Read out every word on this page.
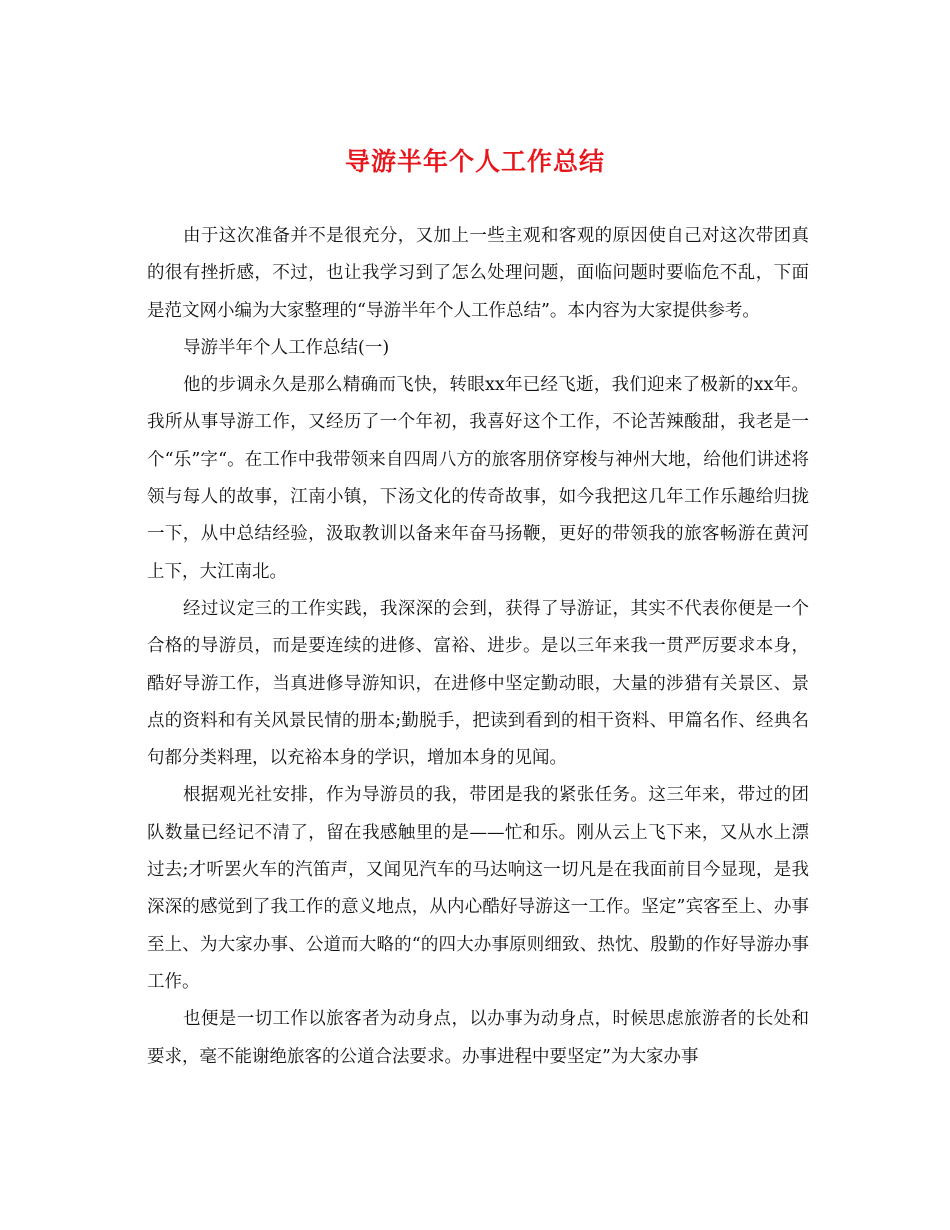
导游半年个人工作总结

由于这次准备并不是很充分，又加上一些主观和客观的原因使自己对这次带团真的很有挫折感，不过，也让我学习到了怎么处理问题，面临问题时要临危不乱，下面是范文网小编为大家整理的“导游半年个人工作总结”。本内容为大家提供参考。

导游半年个人工作总结(一)

他的步调永久是那么精确而飞快，转眼xx年已经飞逝，我们迎来了极新的xx年。我所从事导游工作，又经历了一个年初，我喜好这个工作，不论苦辣酸甜，我老是一个“乐”字“。在工作中我带领来自四周八方的旅客朋侪穿梭与神州大地，给他们讲述将领与每人的故事，江南小镇，下汤文化的传奇故事，如今我把这几年工作乐趣给归拢一下，从中总结经验，汲取教训以备来年奋马扬鞭，更好的带领我的旅客畅游在黄河上下，大江南北。

经过议定三的工作实践，我深深的会到，获得了导游证，其实不代表你便是一个合格的导游员，而是要连续的进修、富裕、进步。是以三年来我一贯严厉要求本身，酷好导游工作，当真进修导游知识，在进修中坚定勤动眼，大量的涉猎有关景区、景点的资料和有关风景民情的册本;勤脱手，把读到看到的相干资料、甲篇名作、经典名句都分类料理，以充裕本身的学识，增加本身的见闻。

根据观光社安排，作为导游员的我，带团是我的紧张任务。这三年来，带过的团队数量已经记不清了，留在我感触里的是——忙和乐。刚从云上飞下来，又从水上漂过去;才听罢火车的汽笛声，又闻见汽车的马达响这一切凡是在我面前目今显现，是我深深的感觉到了我工作的意义地点，从内心酷好导游这一工作。坚定”宾客至上、办事至上、为大家办事、公道而大略的“的四大办事原则细致、热忱、殷勤的作好导游办事工作。

也便是一切工作以旅客者为动身点，以办事为动身点，时候思虑旅游者的长处和要求，毫不能谢绝旅客的公道合法要求。办事进程中要坚定”为大家办事
